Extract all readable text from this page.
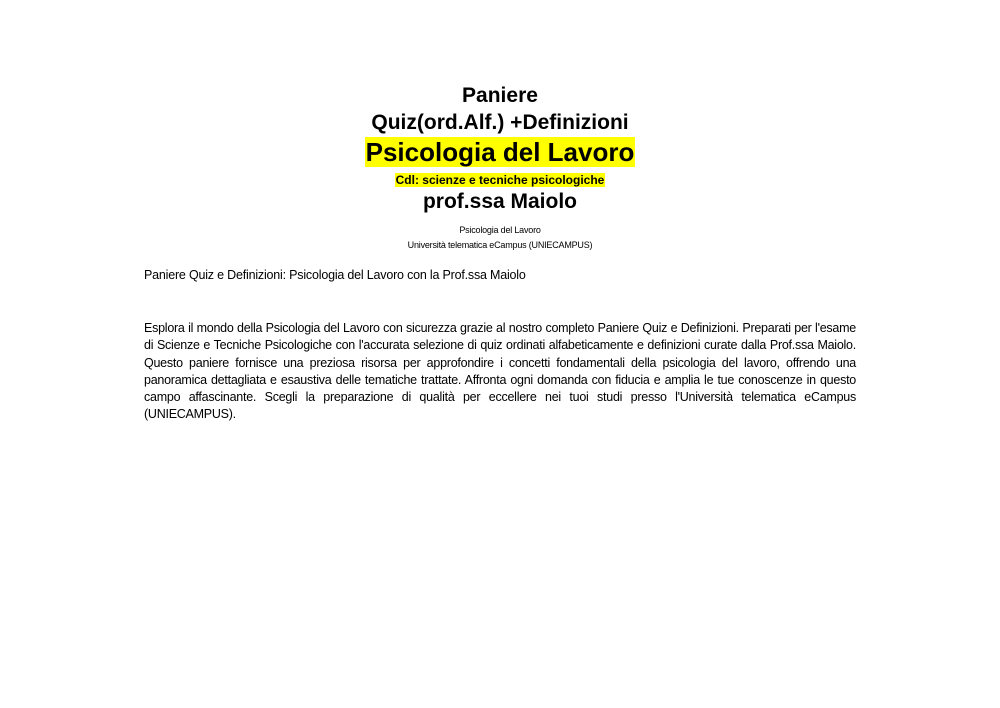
Paniere
Quiz(ord.Alf.) +Definizioni
Psicologia del Lavoro
Cdl: scienze e tecniche psicologiche
prof.ssa Maiolo
Psicologia del Lavoro
Università telematica eCampus (UNIECAMPUS)
Paniere Quiz e Definizioni: Psicologia del Lavoro con la Prof.ssa Maiolo
Esplora il mondo della Psicologia del Lavoro con sicurezza grazie al nostro completo Paniere Quiz e Definizioni. Preparati per l'esame di Scienze e Tecniche Psicologiche con l'accurata selezione di quiz ordinati alfabeticamente e definizioni curate dalla Prof.ssa Maiolo. Questo paniere fornisce una preziosa risorsa per approfondire i concetti fondamentali della psicologia del lavoro, offrendo una panoramica dettagliata e esaustiva delle tematiche trattate. Affronta ogni domanda con fiducia e amplia le tue conoscenze in questo campo affascinante. Scegli la preparazione di qualità per eccellere nei tuoi studi presso l'Università telematica eCampus (UNIECAMPUS).
